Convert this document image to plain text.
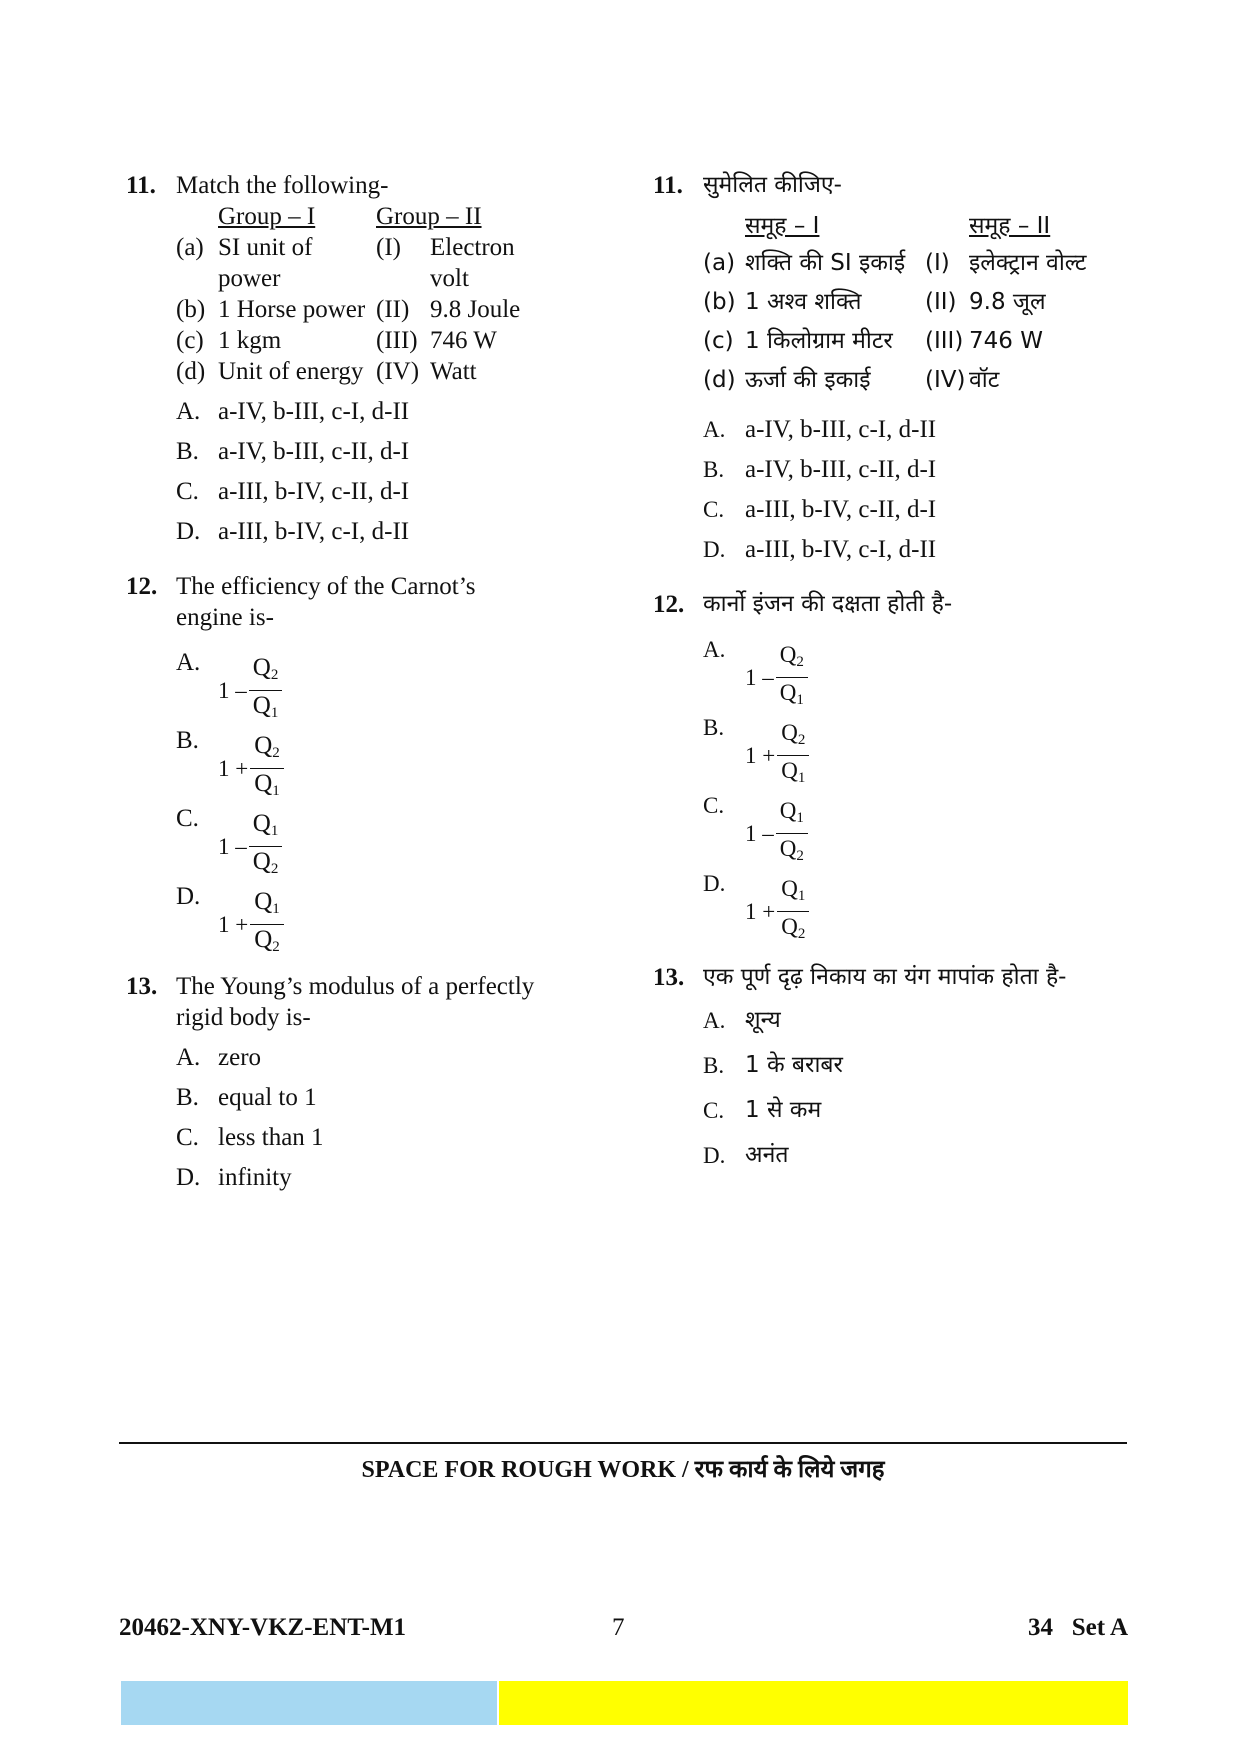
11. Match the following-
	Group – I	Group – II	
(a)	SI unit of	(I)	Electron
	power		volt
(b)	1 Horse power	(II)	9.8 Joule
(c)	1 kgm	(III)	746 W
(d)	Unit of energy	(IV)	Watt
A. a-IV, b-III, c-I, d-II
B. a-IV, b-III, c-II, d-I
C. a-III, b-IV, c-II, d-I
D. a-III, b-IV, c-I, d-II
12. The efficiency of the Carnot’s engine is-
A.
$1 - \frac{Q_2}{Q_1}$
B.
$1 + \frac{Q_2}{Q_1}$
C.
$1 - \frac{Q_1}{Q_2}$
D.
$1 + \frac{Q_1}{Q_2}$
13. The Young’s modulus of a perfectly rigid body is-
A. zero
B. equal to 1
C. less than 1
D. infinity
11. सुमेलित कीजिए-
	समूह – I	समूह – II	
(a)	शक्ति की SI इकाई	(I)	इलेक्ट्रान वोल्ट
(b)	1 अश्व शक्ति	(II)	9.8 जूल
(c)	1 किलोग्राम मीटर	(III)	746 W
(d)	ऊर्जा की इकाई	(IV)	वॉट
A. a-IV, b-III, c-I, d-II
B. a-IV, b-III, c-II, d-I
C. a-III, b-IV, c-II, d-I
D. a-III, b-IV, c-I, d-II
12. कार्नो इंजन की दक्षता होती है-
A.
$1 - \frac{Q_2}{Q_1}$
B.
$1 + \frac{Q_2}{Q_1}$
C.
$1 - \frac{Q_1}{Q_2}$
D.
$1 + \frac{Q_1}{Q_2}$
13. एक पूर्ण दृढ़ निकाय का यंग मापांक होता है-
A. शून्य
B. 1 के बराबर
C. 1 से कम
D. अनंत
SPACE FOR ROUGH WORK / रफ कार्य के लिये जगह
20462-XNY-VKZ-ENT-M1	7	34   Set A
